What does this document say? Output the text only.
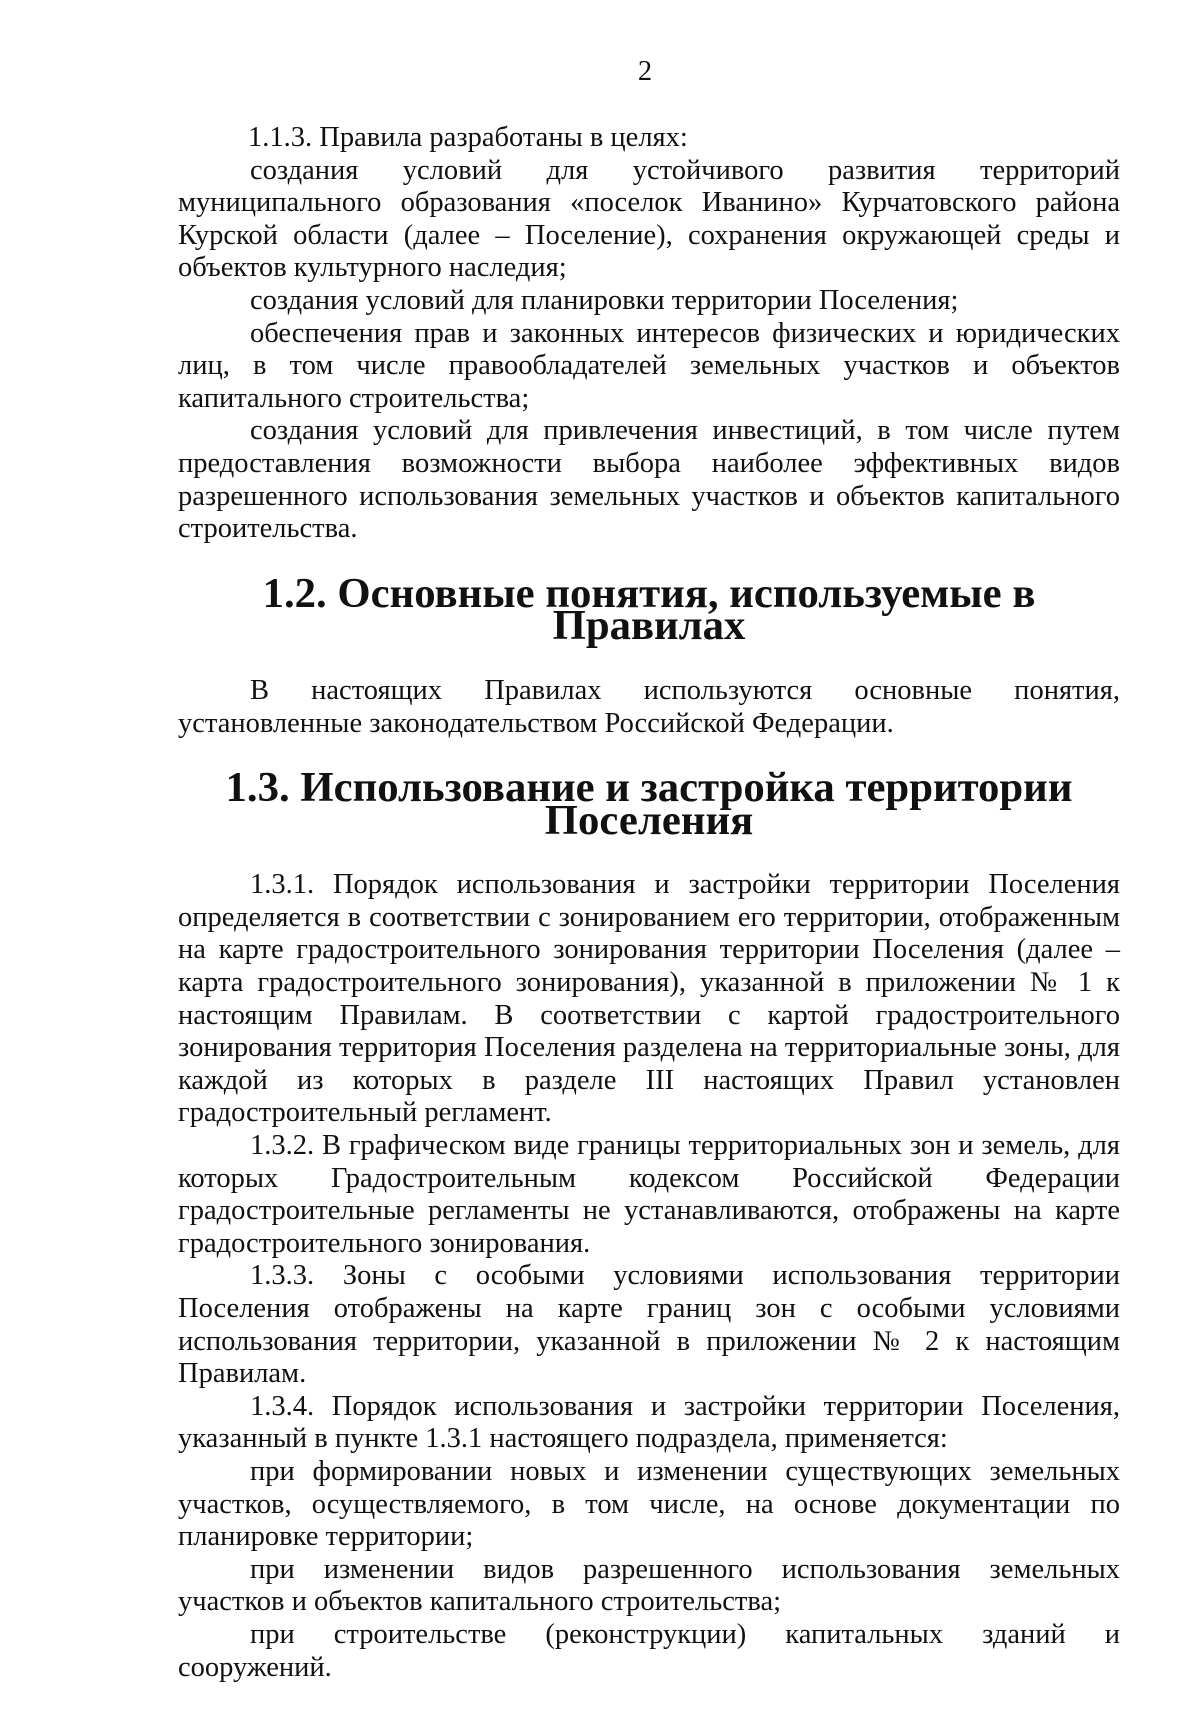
2

1.1.3. Правила разработаны в целях:

создания условий для устойчивого развития территорий муниципального образования «поселок Иванино» Курчатовского района Курской области (далее – Поселение), сохранения окружающей среды и объектов культурного наследия;

создания условий для планировки территории Поселения;

обеспечения прав и законных интересов физических и юридических лиц, в том числе правообладателей земельных участков и объектов капитального строительства;

создания условий для привлечения инвестиций, в том числе путем предоставления возможности выбора наиболее эффективных видов разрешенного использования земельных участков и объектов капитального строительства.

1.2. Основные понятия, используемые в Правилах

В настоящих Правилах используются основные понятия, установленные законодательством Российской Федерации.

1.3. Использование и застройка территории Поселения

1.3.1. Порядок использования и застройки территории Поселения определяется в соответствии с зонированием его территории, отображенным на карте градостроительного зонирования территории Поселения (далее – карта градостроительного зонирования), указанной в приложении № 1 к настоящим Правилам. В соответствии с картой градостроительного зонирования территория Поселения разделена на территориальные зоны, для каждой из которых в разделе III настоящих Правил установлен градостроительный регламент.

1.3.2. В графическом виде границы территориальных зон и земель, для которых Градостроительным кодексом Российской Федерации градостроительные регламенты не устанавливаются, отображены на карте градостроительного зонирования.

1.3.3. Зоны с особыми условиями использования территории Поселения отображены на карте границ зон с особыми условиями использования территории, указанной в приложении № 2 к настоящим Правилам.

1.3.4. Порядок использования и застройки территории Поселения, указанный в пункте 1.3.1 настоящего подраздела, применяется:

при формировании новых и изменении существующих земельных участков, осуществляемого, в том числе, на основе документации по планировке территории;

при изменении видов разрешенного использования земельных участков и объектов капитального строительства;

при строительстве (реконструкции) капитальных зданий и сооружений.
